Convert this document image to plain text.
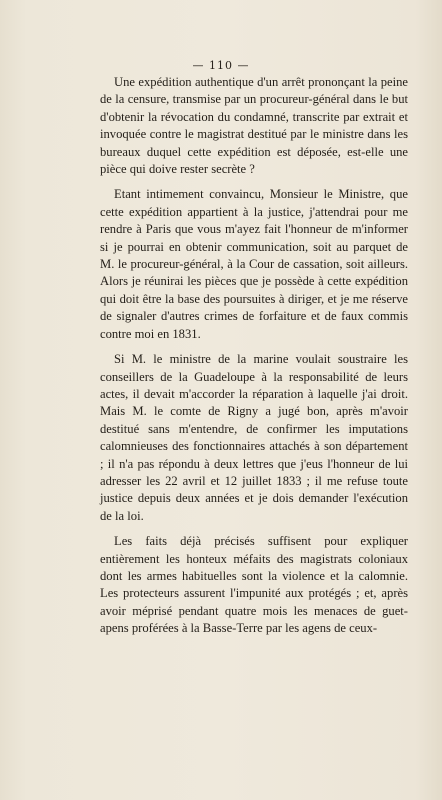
— 110 —

Une expédition authentique d'un arrêt prononçant la peine de la censure, transmise par un procureur-général dans le but d'obtenir la révocation du condamné, transcrite par extrait et invoquée contre le magistrat destitué par le ministre dans les bureaux duquel cette expédition est déposée, est-elle une pièce qui doive rester secrète ?

Etant intimement convaincu, Monsieur le Ministre, que cette expédition appartient à la justice, j'attendrai pour me rendre à Paris que vous m'ayez fait l'honneur de m'informer si je pourrai en obtenir communication, soit au parquet de M. le procureur-général, à la Cour de cassation, soit ailleurs. Alors je réunirai les pièces que je possède à cette expédition qui doit être la base des poursuites à diriger, et je me réserve de signaler d'autres crimes de forfaiture et de faux commis contre moi en 1831.

Si M. le ministre de la marine voulait soustraire les conseillers de la Guadeloupe à la responsabilité de leurs actes, il devait m'accorder la réparation à laquelle j'ai droit. Mais M. le comte de Rigny a jugé bon, après m'avoir destitué sans m'entendre, de confirmer les imputations calomnieuses des fonctionnaires attachés à son département ; il n'a pas répondu à deux lettres que j'eus l'honneur de lui adresser les 22 avril et 12 juillet 1833 ; il me refuse toute justice depuis deux années et je dois demander l'exécution de la loi.

Les faits déjà précisés suffisent pour expliquer entièrement les honteux méfaits des magistrats coloniaux dont les armes habituelles sont la violence et la calomnie. Les protecteurs assurent l'impunité aux protégés ; et, après avoir méprisé pendant quatre mois les menaces de guet-apens proférées à la Basse-Terre par les agens de ceux-
